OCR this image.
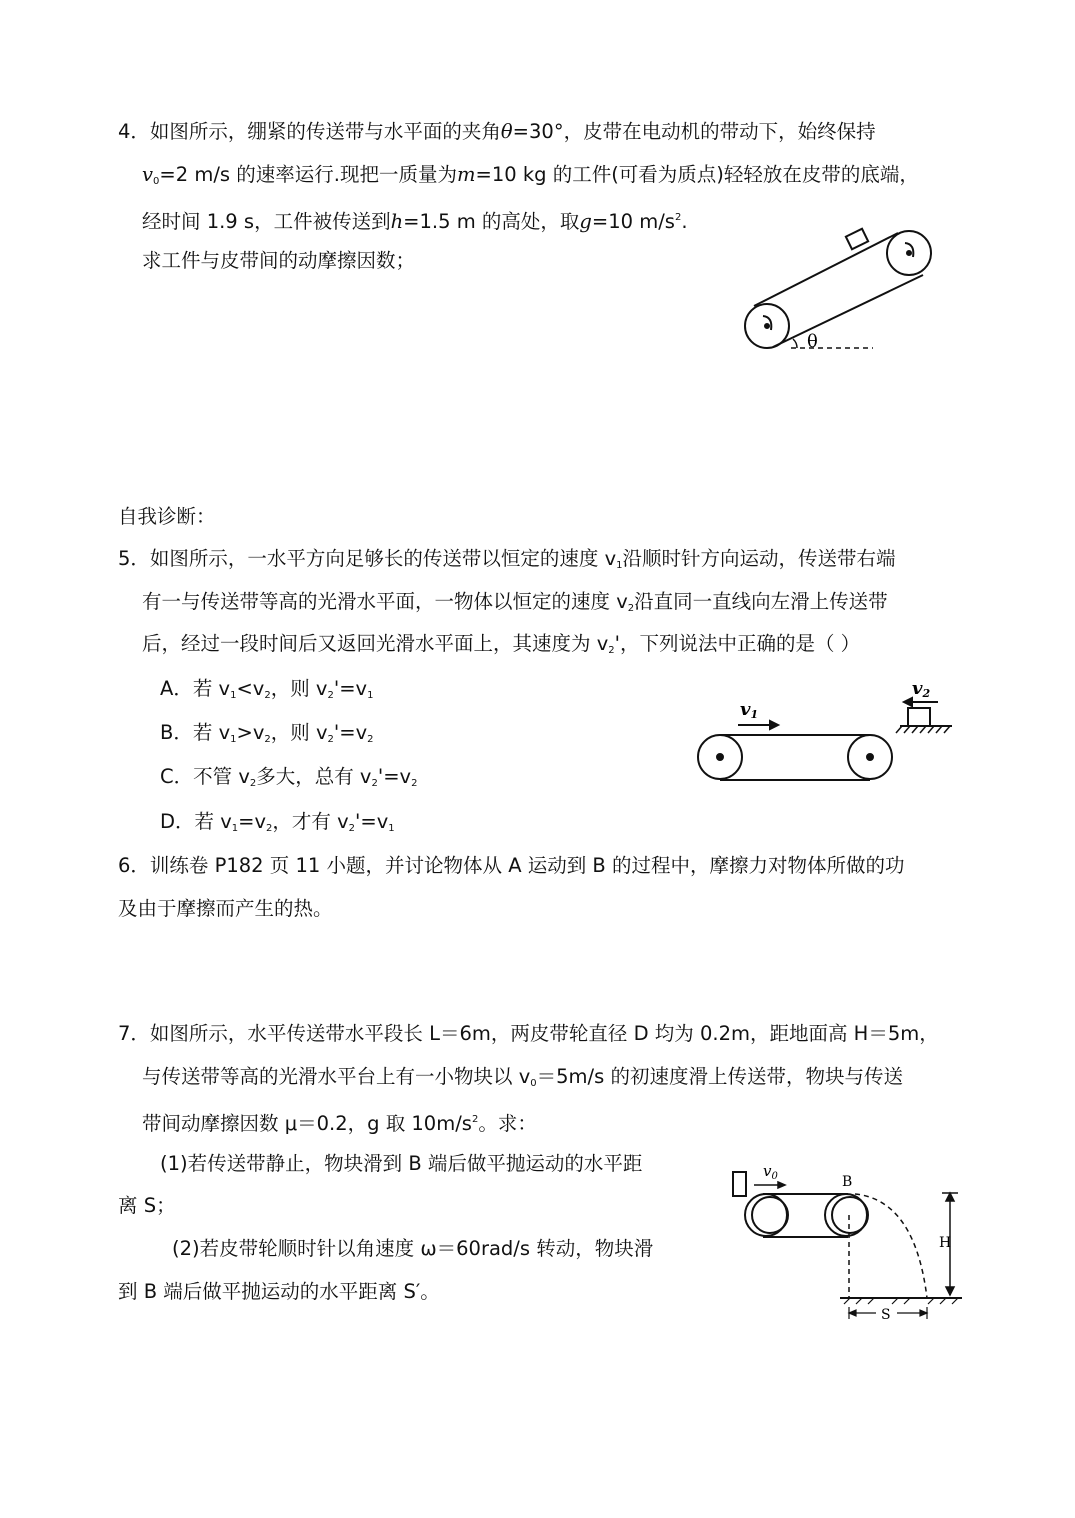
4．如图所示，绷紧的传送带与水平面的夹角θ=30°，皮带在电动机的带动下，始终保持
$v_0=2$ m/s 的速率运行.现把一质量为m=10 kg 的工件(可看为质点)轻轻放在皮带的底端，
经时间 1.9 s，工件被传送到h=1.5 m 的高处，取g=10 $m/s^2$.
求工件与皮带间的动摩擦因数；
θ
自我诊断：
5．如图所示，一水平方向足够长的传送带以恒定的速度 $v_1$沿顺时针方向运动，传送带右端
有一与传送带等高的光滑水平面，一物体以恒定的速度 $v_2$沿直同一直线向左滑上传送带
后，经过一段时间后又返回光滑水平面上，其速度为 $v_2'$，下列说法中正确的是（ ）
A．若 $v_1<v_2$，则 $v_2'=v_1$
B．若 $v_1>v_2$，则 $v_2'=v_2$
C．不管 $v_2$多大，总有 $v_2'=v_2$
D．若 $v_1=v_2$，才有 $v_2'=v_1$
v1
v2
6．训练卷 P182 页 11 小题，并讨论物体从 A 运动到 B 的过程中，摩擦力对物体所做的功
及由于摩擦而产生的热。
7．如图所示，水平传送带水平段长 L＝6m，两皮带轮直径 D 均为 0.2m，距地面高 H＝5m，
与传送带等高的光滑水平台上有一小物块以 $v_0=5m/s$ 的初速度滑上传送带，物块与传送
带间动摩擦因数 μ＝0.2，g 取 $10m/s^2$。求：
(1)若传送带静止，物块滑到 B 端后做平抛运动的水平距
离 S；
(2)若皮带轮顺时针以角速度 ω＝60rad/s 转动，物块滑
到 B 端后做平抛运动的水平距离 S′。
$v_0$	B
H
S
